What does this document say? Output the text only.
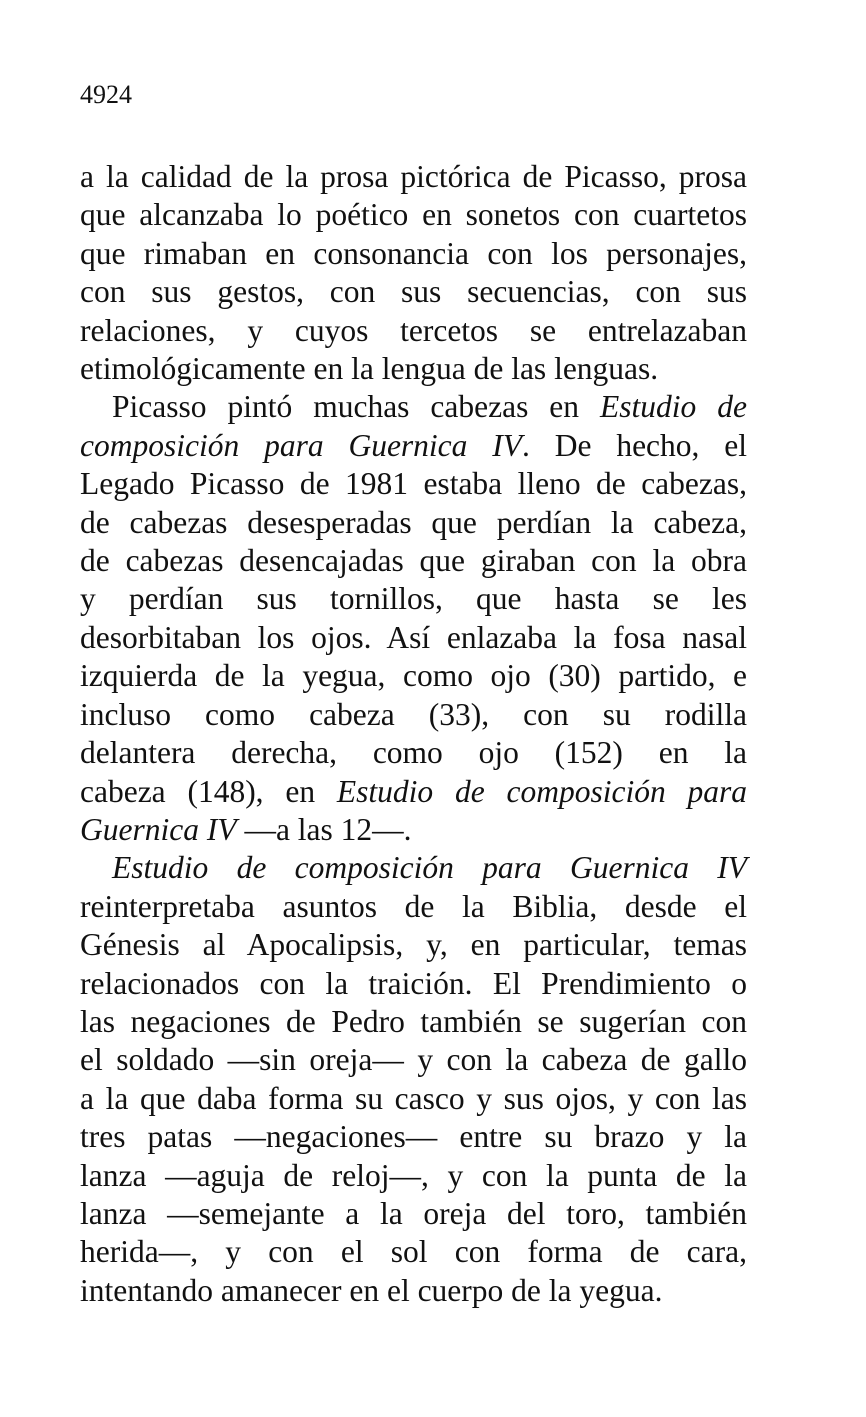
4924

a la calidad de la prosa pictórica de Picasso, prosa
que alcanzaba lo poético en sonetos con cuartetos
que rimaban en consonancia con los personajes,
con sus gestos, con sus secuencias, con sus
relaciones, y cuyos tercetos se entrelazaban
etimológicamente en la lengua de las lenguas.

Picasso pintó muchas cabezas en Estudio de
composición para Guernica IV. De hecho, el
Legado Picasso de 1981 estaba lleno de cabezas,
de cabezas desesperadas que perdían la cabeza,
de cabezas desencajadas que giraban con la obra
y perdían sus tornillos, que hasta se les
desorbitaban los ojos. Así enlazaba la fosa nasal
izquierda de la yegua, como ojo (30) partido, e
incluso como cabeza (33), con su rodilla
delantera derecha, como ojo (152) en la
cabeza (148), en Estudio de composición para
Guernica IV —a las 12—.

Estudio de composición para Guernica IV
reinterpretaba asuntos de la Biblia, desde el
Génesis al Apocalipsis, y, en particular, temas
relacionados con la traición. El Prendimiento o
las negaciones de Pedro también se sugerían con
el soldado —sin oreja— y con la cabeza de gallo
a la que daba forma su casco y sus ojos, y con las
tres patas —negaciones— entre su brazo y la
lanza —aguja de reloj—, y con la punta de la
lanza —semejante a la oreja del toro, también
herida—, y con el sol con forma de cara,
intentando amanecer en el cuerpo de la yegua.
